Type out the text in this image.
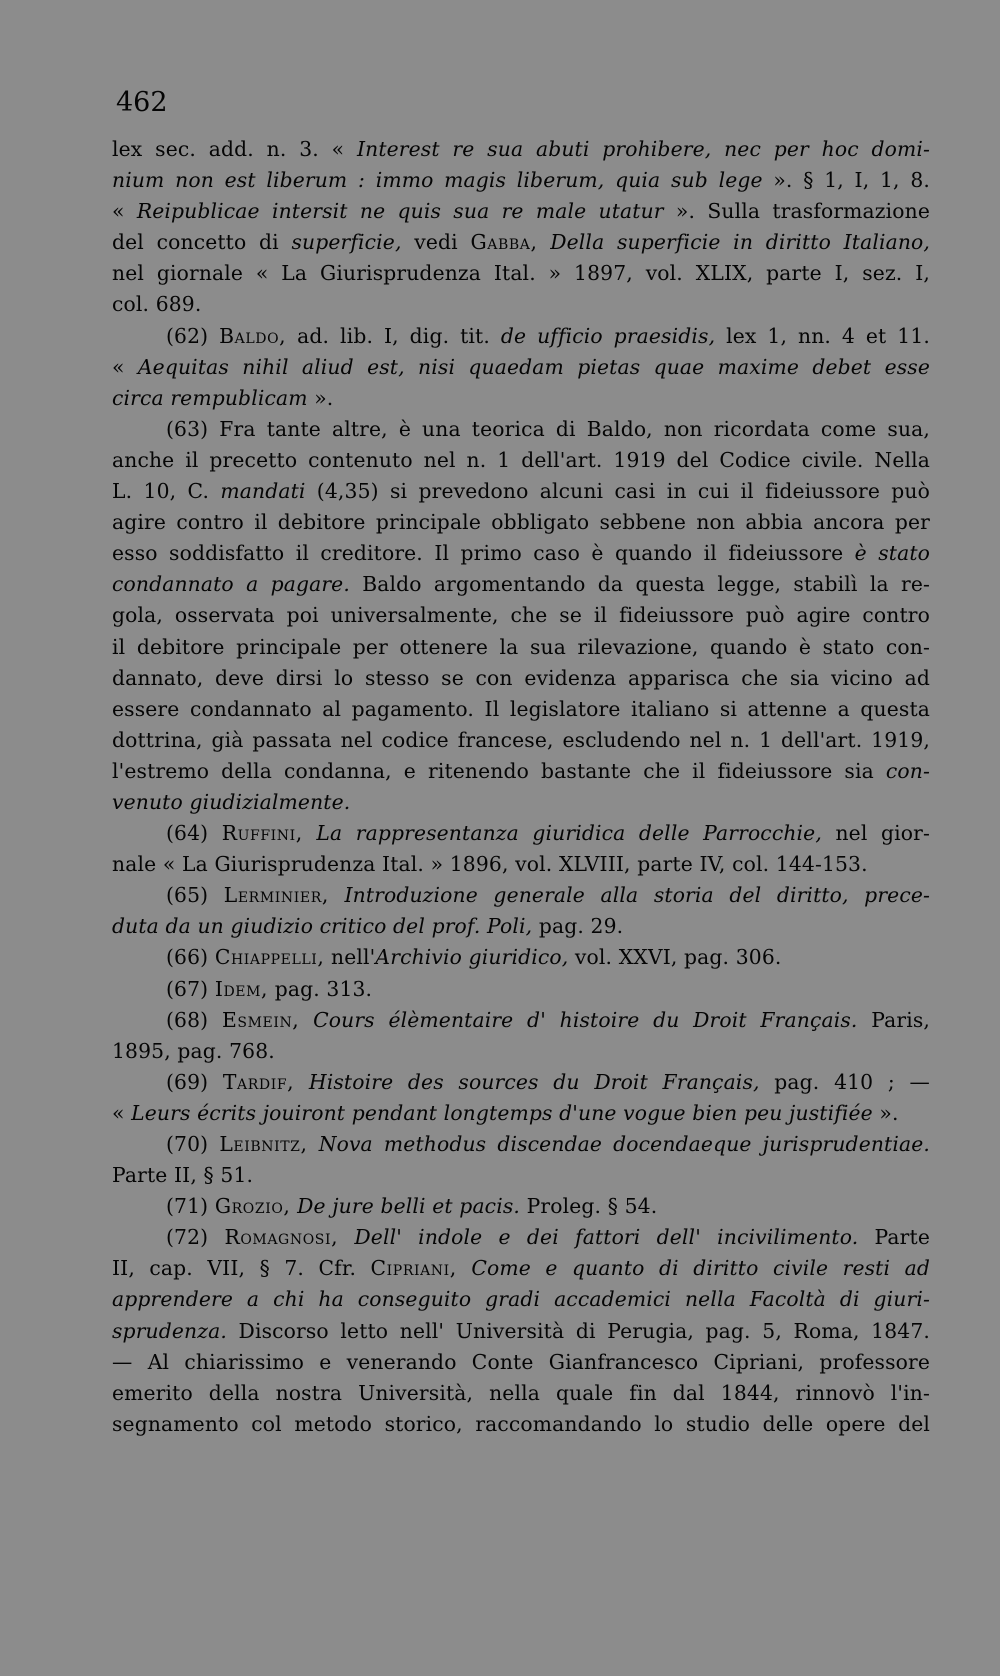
462
lex sec. add. n. 3. « Interest re sua abuti prohibere, nec per hoc domi-
nium non est liberum : immo magis liberum, quia sub lege ». § 1, I, 1, 8.
« Reipublicae intersit ne quis sua re male utatur ». Sulla trasformazione
del concetto di superficie, vedi Gabba, Della superficie in diritto Italiano,
nel giornale « La Giurisprudenza Ital. » 1897, vol. XLIX, parte I, sez. I,
col. 689.
(62) Baldo, ad. lib. I, dig. tit. de ufficio praesidis, lex 1, nn. 4 et 11.
« Aequitas nihil aliud est, nisi quaedam pietas quae maxime debet esse
circa rempublicam ».
(63) Fra tante altre, è una teorica di Baldo, non ricordata come sua,
anche il precetto contenuto nel n. 1 dell'art. 1919 del Codice civile. Nella
L. 10, C. mandati (4,35) si prevedono alcuni casi in cui il fideiussore può
agire contro il debitore principale obbligato sebbene non abbia ancora per
esso soddisfatto il creditore. Il primo caso è quando il fideiussore è stato
condannato a pagare. Baldo argomentando da questa legge, stabilì la re-
gola, osservata poi universalmente, che se il fideiussore può agire contro
il debitore principale per ottenere la sua rilevazione, quando è stato con-
dannato, deve dirsi lo stesso se con evidenza apparisca che sia vicino ad
essere condannato al pagamento. Il legislatore italiano si attenne a questa
dottrina, già passata nel codice francese, escludendo nel n. 1 dell'art. 1919,
l'estremo della condanna, e ritenendo bastante che il fideiussore sia con-
venuto giudizialmente.
(64) Ruffini, La rappresentanza giuridica delle Parrocchie, nel gior-
nale « La Giurisprudenza Ital. » 1896, vol. XLVIII, parte IV, col. 144-153.
(65) Lerminier, Introduzione generale alla storia del diritto, prece-
duta da un giudizio critico del prof. Poli, pag. 29.
(66) Chiappelli, nell'Archivio giuridico, vol. XXVI, pag. 306.
(67) Idem, pag. 313.
(68) Esmein, Cours élèmentaire d' histoire du Droit Français. Paris,
1895, pag. 768.
(69) Tardif, Histoire des sources du Droit Français, pag. 410 ; —
« Leurs écrits jouiront pendant longtemps d'une vogue bien peu justifiée ».
(70) Leibnitz, Nova methodus discendae docendaeque jurisprudentiae.
Parte II, § 51.
(71) Grozio, De jure belli et pacis. Proleg. § 54.
(72) Romagnosi, Dell' indole e dei fattori dell' incivilimento. Parte
II, cap. VII, § 7. Cfr. Cipriani, Come e quanto di diritto civile resti ad
apprendere a chi ha conseguito gradi accademici nella Facoltà di giuri-
sprudenza. Discorso letto nell' Università di Perugia, pag. 5, Roma, 1847.
— Al chiarissimo e venerando Conte Gianfrancesco Cipriani, professore
emerito della nostra Università, nella quale fin dal 1844, rinnovò l'in-
segnamento col metodo storico, raccomandando lo studio delle opere del
